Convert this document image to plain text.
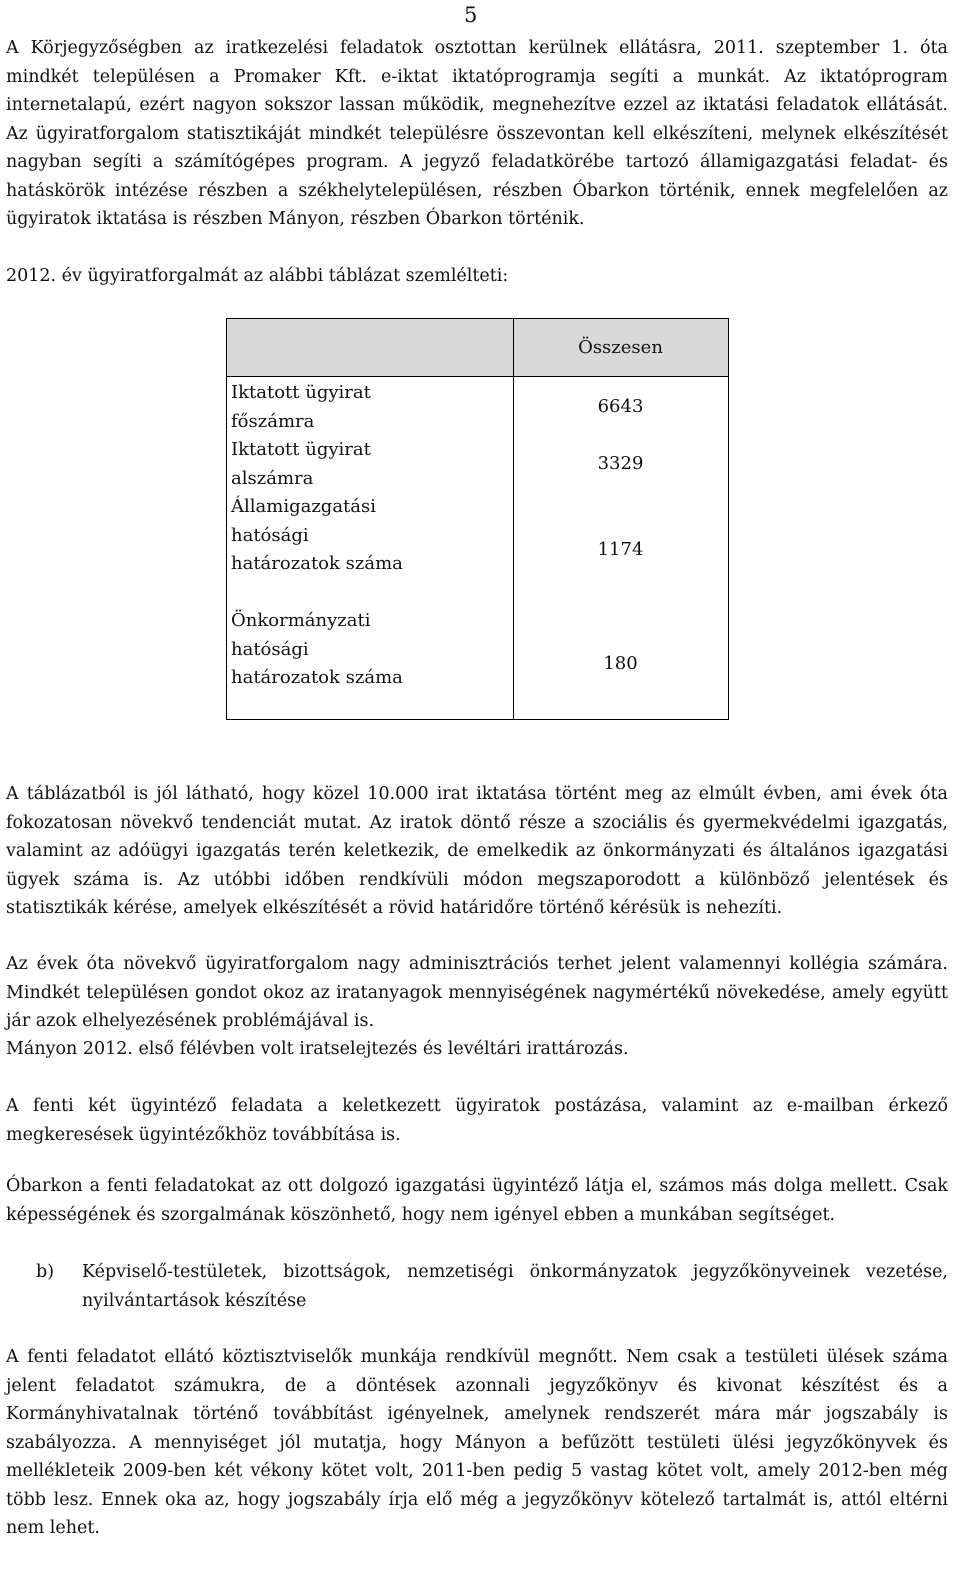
5

A Körjegyzőségben az iratkezelési feladatok osztottan kerülnek ellátásra, 2011. szeptember 1. óta mindkét településen a Promaker Kft. e-iktat iktatóprogramja segíti a munkát. Az iktatóprogram internetalapú, ezért nagyon sokszor lassan működik, megnehezítve ezzel az iktatási feladatok ellátását. Az ügyiratforgalom statisztikáját mindkét településre összevontan kell elkészíteni, melynek elkészítését nagyban segíti a számítógépes program. A jegyző feladatkörébe tartozó államigazgatási feladat- és hatáskörök intézése részben a székhelytelepülésen, részben Óbarkon történik, ennek megfelelően az ügyiratok iktatása is részben Mányon, részben Óbarkon történik.

2012. év ügyiratforgalmát az alábbi táblázat szemlélteti:

Összesen
Iktatott ügyirat főszámra
6643
Iktatott ügyirat alszámra
3329
Államigazgatási hatósági határozatok száma
1174
Önkormányzati hatósági határozatok száma
180

A táblázatból is jól látható, hogy közel 10.000 irat iktatása történt meg az elmúlt évben, ami évek óta fokozatosan növekvő tendenciát mutat. Az iratok döntő része a szociális és gyermekvédelmi igazgatás, valamint az adóügyi igazgatás terén keletkezik, de emelkedik az önkormányzati és általános igazgatási ügyek száma is. Az utóbbi időben rendkívüli módon megszaporodott a különböző jelentések és statisztikák kérése, amelyek elkészítését a rövid határidőre történő kérésük is nehezíti.

Az évek óta növekvő ügyiratforgalom nagy adminisztrációs terhet jelent valamennyi kollégia számára. Mindkét településen gondot okoz az iratanyagok mennyiségének nagymértékű növekedése, amely együtt jár azok elhelyezésének problémájával is.

Mányon 2012. első félévben volt iratselejtezés és levéltári irattározás.

A fenti két ügyintéző feladata a keletkezett ügyiratok postázása, valamint az e-mailban érkező megkeresések ügyintézőkhöz továbbítása is.

Óbarkon a fenti feladatokat az ott dolgozó igazgatási ügyintéző látja el, számos más dolga mellett. Csak képességének és szorgalmának köszönhető, hogy nem igényel ebben a munkában segítséget.

b) Képviselő-testületek, bizottságok, nemzetiségi önkormányzatok jegyzőkönyveinek vezetése, nyilvántartások készítése

A fenti feladatot ellátó köztisztviselők munkája rendkívül megnőtt. Nem csak a testületi ülések száma jelent feladatot számukra, de a döntések azonnali jegyzőkönyv és kivonat készítést és a Kormányhivatalnak történő továbbítást igényelnek, amelynek rendszerét mára már jogszabály is szabályozza. A mennyiséget jól mutatja, hogy Mányon a befűzött testületi ülési jegyzőkönyvek és mellékleteik 2009-ben két vékony kötet volt, 2011-ben pedig 5 vastag kötet volt, amely 2012-ben még több lesz. Ennek oka az, hogy jogszabály írja elő még a jegyzőkönyv kötelező tartalmát is, attól eltérni nem lehet.
